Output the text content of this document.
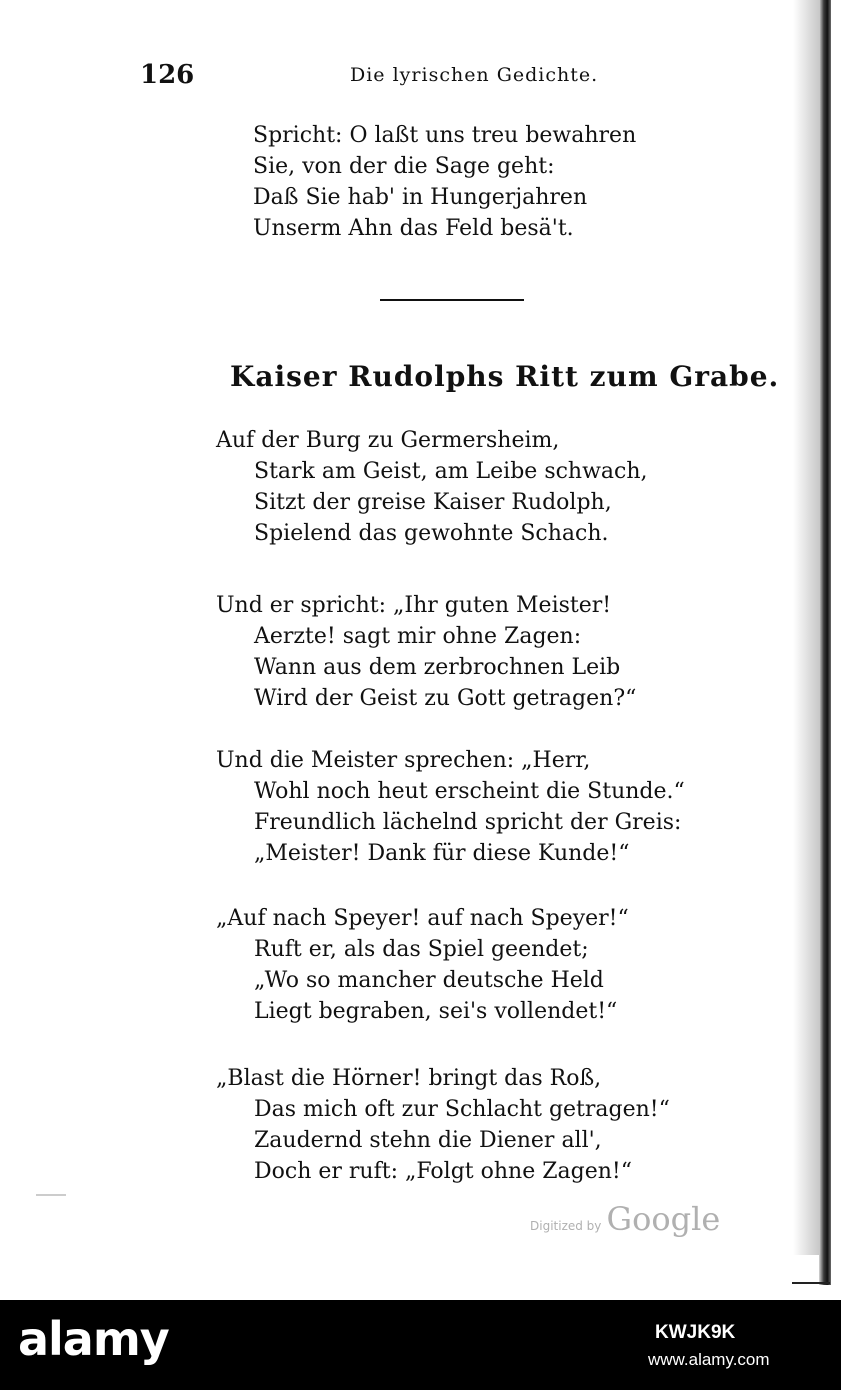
126	Die lyrischen Gedichte.
Spricht: O laßt uns treu bewahren
Sie, von der die Sage geht:
Daß Sie hab' in Hungerjahren
Unserm Ahn das Feld besä't.
Kaiser Rudolphs Ritt zum Grabe.
Auf der Burg zu Germersheim,
Stark am Geist, am Leibe schwach,
Sitzt der greise Kaiser Rudolph,
Spielend das gewohnte Schach.
Und er spricht: „Ihr guten Meister!
Aerzte! sagt mir ohne Zagen:
Wann aus dem zerbrochnen Leib
Wird der Geist zu Gott getragen?“
Und die Meister sprechen: „Herr,
Wohl noch heut erscheint die Stunde.“
Freundlich lächelnd spricht der Greis:
„Meister! Dank für diese Kunde!“
„Auf nach Speyer! auf nach Speyer!“
Ruft er, als das Spiel geendet;
„Wo so mancher deutsche Held
Liegt begraben, sei's vollendet!“
„Blast die Hörner! bringt das Roß,
Das mich oft zur Schlacht getragen!“
Zaudernd stehn die Diener all',
Doch er ruft: „Folgt ohne Zagen!“
Digitized by Google
alamy	KWJK9K
www.alamy.com
